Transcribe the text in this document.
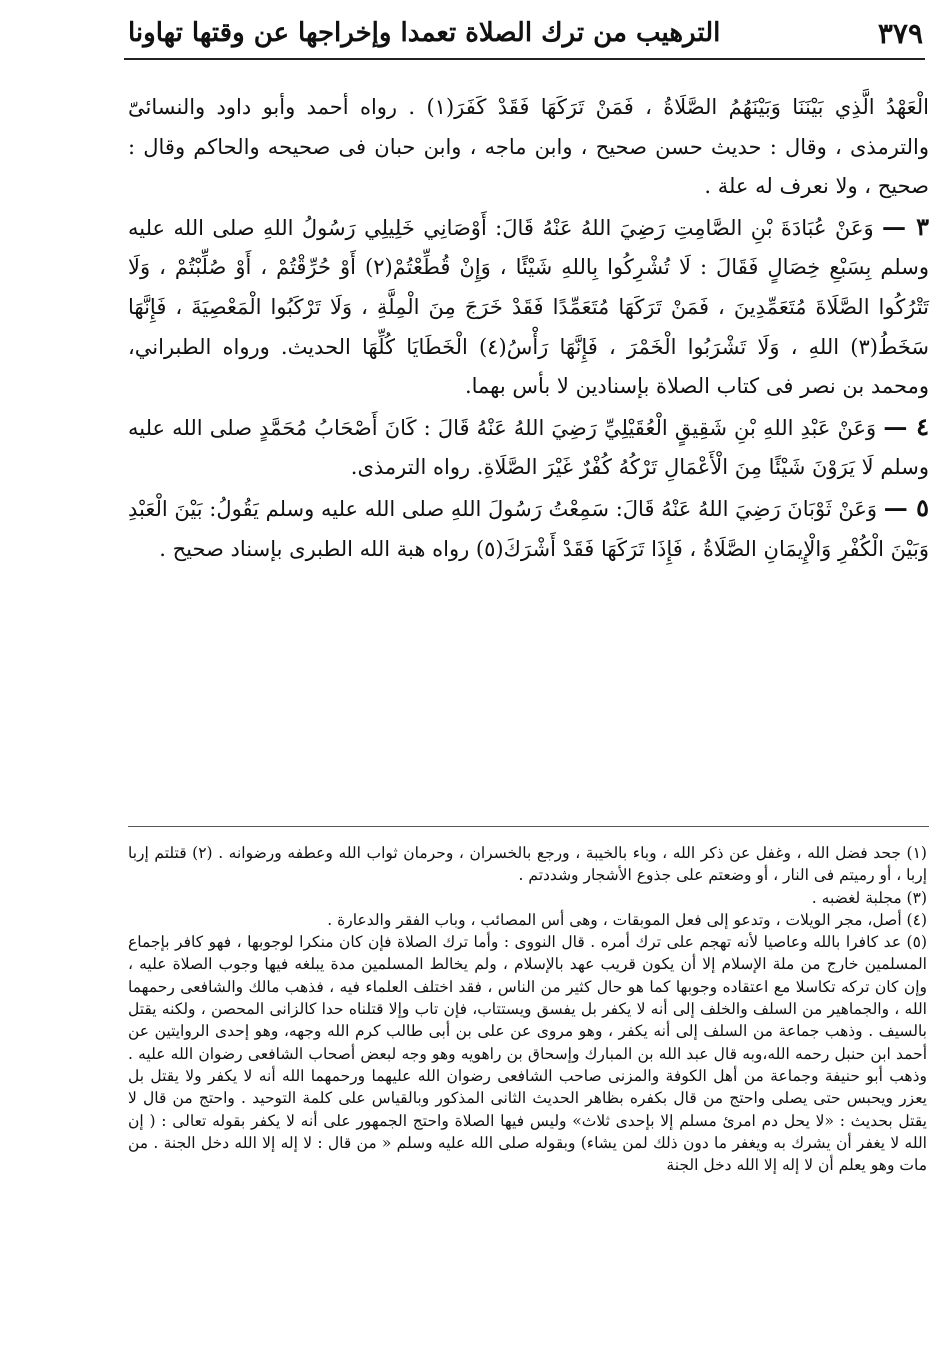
٣٧٩
الترهيب من ترك الصلاة تعمدا وإخراجها عن وقتها تهاونا

الْعَهْدُ الَّذِي بَيْنَنَا وَبَيْنَهُمُ الصَّلَاةُ ، فَمَنْ تَرَكَهَا فَقَدْ كَفَرَ(١) . رواه أحمد وأبو داود والنسائىّ والترمذى ، وقال : حديث حسن صحيح ، وابن ماجه ، وابن حبان فى صحيحه والحاكم وقال : صحيح ، ولا نعرف له علة .

٣ — وَعَنْ عُبَادَةَ بْنِ الصَّامِتِ رَضِيَ اللهُ عَنْهُ قَالَ: أَوْصَانِي خَلِيلِي رَسُولُ اللهِ صلى الله عليه وسلم بِسَبْعِ خِصَالٍ فَقَالَ : لَا تُشْرِكُوا بِاللهِ شَيْئًا ، وَإِنْ قُطِّعْتُمْ(٢) أَوْ حُرِّقْتُمْ ، أَوْ صُلِّبْتُمْ ، وَلَا تَتْرُكُوا الصَّلَاةَ مُتَعَمِّدِينَ ، فَمَنْ تَرَكَهَا مُتَعَمِّدًا فَقَدْ خَرَجَ مِنَ الْمِلَّةِ ، وَلَا تَرْكَبُوا الْمَعْصِيَةَ ، فَإِنَّهَا سَخَطُ(٣) اللهِ ، وَلَا تَشْرَبُوا الْخَمْرَ ، فَإِنَّهَا رَأْسُ(٤) الْخَطَايَا كُلِّهَا الحديث. ورواه الطبراني، ومحمد بن نصر فى كتاب الصلاة بإسنادين لا بأس بهما.

٤ — وَعَنْ عَبْدِ اللهِ بْنِ شَقِيقٍ الْعُقَيْلِيِّ رَضِيَ اللهُ عَنْهُ قَالَ : كَانَ أَصْحَابُ مُحَمَّدٍ صلى الله عليه وسلم لَا يَرَوْنَ شَيْئًا مِنَ الْأَعْمَالِ تَرْكُهُ كُفْرٌ غَيْرَ الصَّلَاةِ. رواه الترمذى.

٥ — وَعَنْ ثَوْبَانَ رَضِيَ اللهُ عَنْهُ قَالَ: سَمِعْتُ رَسُولَ اللهِ صلى الله عليه وسلم يَقُولُ: بَيْنَ الْعَبْدِ وَبَيْنَ الْكُفْرِ وَالْإِيمَانِ الصَّلَاةُ ، فَإِذَا تَرَكَهَا فَقَدْ أَشْرَكَ(٥) رواه هبة الله الطبرى بإسناد صحيح .

(١) جحد فضل الله ، وغفل عن ذكر الله ، وباء بالخيبة ، ورجع بالخسران ، وحرمان ثواب الله وعطفه ورضوانه . (٢) قتلتم إربا إربا ، أو رميتم فى النار ، أو وضعتم على جذوع الأشجار وشددتم .

(٣) مجلبة لغضبه .

(٤) أصل، مجر الويلات ، وتدعو إلى فعل الموبقات ، وهى أس المصائب ، وباب الفقر والدعارة .

(٥) عد كافرا بالله وعاصيا لأنه تهجم على ترك أمره . قال النووى : وأما ترك الصلاة فإن كان منكرا لوجوبها ، فهو كافر بإجماع المسلمين خارج من ملة الإسلام إلا أن يكون قريب عهد بالإسلام ، ولم يخالط المسلمين مدة يبلغه فيها وجوب الصلاة عليه ، وإن كان تركه تكاسلا مع اعتقاده وجوبها كما هو حال كثير من الناس ، فقد اختلف العلماء فيه ، فذهب مالك والشافعى رحمهما الله ، والجماهير من السلف والخلف إلى أنه لا يكفر بل يفسق ويستتاب، فإن تاب وإلا قتلناه حدا كالزانى المحصن ، ولكنه يقتل بالسيف . وذهب جماعة من السلف إلى أنه يكفر ، وهو مروى عن على بن أبى طالب كرم الله وجهه، وهو إحدى الروايتين عن أحمد ابن حنبل رحمه الله،وبه قال عبد الله بن المبارك وإسحاق بن راهويه وهو وجه لبعض أصحاب الشافعى رضوان الله عليه . وذهب أبو حنيفة وجماعة من أهل الكوفة والمزنى صاحب الشافعى رضوان الله عليهما ورحمهما الله أنه لا يكفر ولا يقتل بل يعزر ويحبس حتى يصلى واحتج من قال بكفره بظاهر الحديث الثانى المذكور وبالقياس على كلمة التوحيد . واحتج من قال لا يقتل بحديث : «لا يحل دم امرئ مسلم إلا بإحدى ثلاث» وليس فيها الصلاة واحتج الجمهور على أنه لا يكفر بقوله تعالى : ( إن الله لا يغفر أن يشرك به ويغفر ما دون ذلك لمن يشاء) وبقوله صلى الله عليه وسلم « من قال : لا إله إلا الله دخل الجنة . من مات وهو يعلم أن لا إله إلا الله دخل الجنة
